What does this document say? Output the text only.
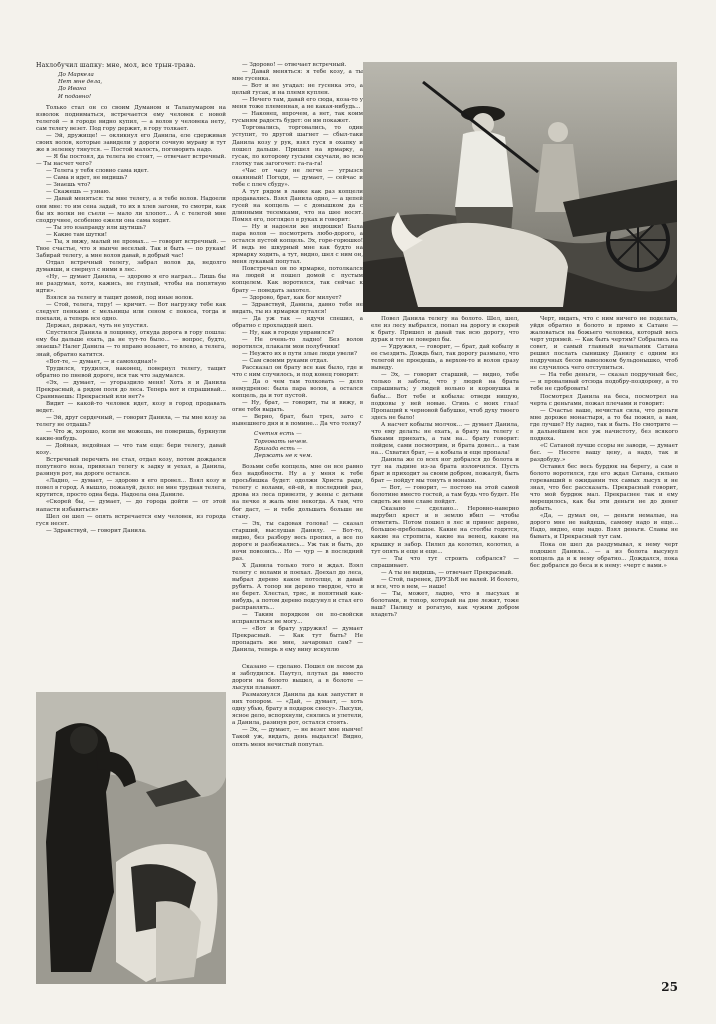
Нахлобучил шапку: мне, мол, все трын-трава.

До Маркела
Нет мне дела,
До Ивана
И подавно!

Только стал он со своим Думаном и Талапумаром на взволок подниматься, встречается ему человек с новой телегой — в городе видно купил, — а волов у человека нету, сам телегу везет. Под гору держит, в гору толкает.

— Эй, дружище! — окликнул его Данила, еле сдерживая своих волов, которые завидели у дороги сочную мураву и тут же в зеленку тянутся. — Постой малость, поговорить надо.

— Я бы постоял, да телега не стоит, — отвечает встречный. — Ты насчет чего?

— Телега у тебя словно сама идет.

— Сама и идет, не видишь?

— Знаешь что?

— Скажешь — узнаю.

— Давай меняться: ты мне телегу, а я тебе волов. Надоели они мне: то им сена задай, то их в хлев загони, то смотри, как бы их волки не съели — мало ли хлопот... А с телегой мне сподручнее, особенно ежели она сама ходит.

— Ты это взаправду или шутишь?

— Какие там шутки!

— Ты, я вижу, малый не промах... — говорит встречный. — Твое счастье, что я нынче веселый. Так и быть — по рукам! Забирай телегу, а мне волов давай, в добрый час!

Отдал встречный телегу, забрал волов да, недолго думавши, и свернул с ними в лес.

«Ну, — думает Данила, — здорово я его награл... Лишь бы не раздумал, хотя, кажись, не глупый, чтобы на попятную идти».

Взялся за телегу и тащит домой, под иные волок.

— Стой, телега, тпру! — кричит. — Вот нагрузку тебе как следует пенками с мельницы или сеном с покоса, тогда и поехали, а теперь все одно.

Держал, держал, чуть не упустил.

Спустился Данила в лощинку, откуда дорога в гору пошла: ему бы дальше ехать, да не тут-то было... — вопрос, будто, знаешь? Налег Данила — то вправо возьмет, то влево, а телега, знай, обратно катится.

«Вот-те, — думает, — и самоходная!»

Трудился, трудился, наконец, повернул телегу, тащит обратно по пневой дороге, вся так что задумался.

«Эх, — думает, — угораздило меня! Хоть я и Данила Прекрасный, а рядом поля до леса. Теперь вот и спрашивай... Сраниваешь: Прекрасный или нет?»

Видит — какой-то человек идет, козу в город продавать ведет.

— Эй, друг сердечный, — говорит Данила, — ты мне козу за телегу не отдашь?

— Что ж, хорошо, коли не можешь, не поверишь, буркнули какие-нибудь.

— Дойная, недойная — что там еще: бери телегу, давай козу.

Встречный перечить не стал, отдал козу, потом дождался попутного воза, привязал телегу к задку и уехал, а Данила, разинув рот, на дороге остался.

«Ладно, — думает, — здорово я его провел... Взял козу и повел в город. А вышло, пожалуй, дело: не мне трудная телега, крутится, просто одна беда. Надоела она Даниле.

«Скорей бы, — думает, — до города дойти — от этой напасти избавиться»

Шел он шел — опять встречается ему человек, из города гуся несет.

— Здравствуй, — говорит Данила.

— Здорово! — отвечает встречный.

— Давай меняться: я тебе козу, а ты мне гусенка.

— Вот и не угадал: не гусенка это, а целый гусак, и на племя куплен.

— Нечего там, давай его сюда, коза-то у меня тоже племенная, а не какая-нибудь...

— Наконец, впрочем, а нет, так коим гусыням радость будет: он им покажет.

Торговались, торговались, то один уступит, то другой шагнет — сбыл-таки Данила козу у рук, взял гуся в охапку и пошел дальше. Пришел на ярмарку, а гусак, по которому гусыни скучали, во всю глотку так загогочет: га-га-га!

«Час от часу не легче — угрызся окаянный! Погоди, — думает, — сейчас и тебе с плеч сбуду».

А тут рядом в лавке как раз копцели продавались. Взял Данила одно, — а цепей гусей на копцель — с донышком да с длинными тесемками, что на шее носят. Помял его, поглядел в руках и говорит:

— Ну и надоели же индюшки! Была пара волов — посмотреть любо-дорого, а остался пустой копцель. Эх, горе-горюшко! И ведь не шкурный мне как будто на ярмарку ходить, а тут, видно, шел с ним он, меня лукавый попутал.

Повстречал он по ярмарке, потолкался на людей и пошел домой с пустым копцелем. Как воротился, так сейчас к брату — поведать захотел.

— Здорово, брат, как бог милует?

— Здравствуй, Данила, давно тебя не видать, ты из ярмарки путался!

— Да уж так — идучи спешил, а обратно с прохладцей шел.

— Ну, как в городе управился?

— Не очень-то ладно! Без волов воротился, плакали мои полубчики!

— Неужто их в пути злые люди увели?

— Сам своими руками отдал.

Рассказал он брату все как было, где и что с ним случилось, и под конец говорит:

— Да о чем там толковать — дело немудреное: была пара волов, а остался копцель, да и тот пустой.

— Ну, брат, — говорит, ты и вижу, в огне тебя выдать.

— Верно, брат, был трех, зато с нынешнего дня и в помине... Да что толку?

Счетня есть —
Торговать нечем.
Бригада есть —
Держать не к чем.

Возьми себе копцель, мне он все равно без надобности. Ну а у меня к тебе просьбишка будет: одолжи Христа ради, телегу с волами, ей-ей, в последний раз, дрова из леса привезти, у жены с детьми на печке я жаль мне некогда. А там, что бог даст, — и тебе дольшать больше не стану.

— Эх, ты садовая голова! — сказал старший, выслушав Данилу. — Вот-то, видно, без разбору весь пропил, а все по дороге и разбежались... Уж так и быть, до ночи повозись... Но — чур — в последний раз.

Х Данила только того и ждал. Взял телегу с волами и поехал. Доехал до леса, выбрал дерево какое потолще, и давай рубить. А топор ни дерево твердое, что и не берет. Хлестал, тряс, и попятный как-нибудь, а потом дерево подсунул и стал его расправлять...

— Таким порядком он по-свойски исправляться не могу...

— «Вот и брату удружил! — думает Прекрасный. — Как тут быть? Не пропадать же мне, зачаровал сам? — Данила, теперь я ему вину искуплю

Повел Данила телегу на болото. Шел, шел, еле из лесу выбрался, попал на дорогу и скорей к брату. Пришел и давай так всю дорогу, что дурак и тот не поверил бы.

— Удружил, — говорит, — брат, дай кобылу я ее съездить. Дождь был, так дорогу размыло, что телегой не проедешь, а верхом-то и волов сразу выведу.

— Эх, — говорит старший, — видно, тебе только и заботы, что у людей на брата спрашивать; у людей вольно и коровушка и бабы... Вот тебе и кобыла: отведи нищую, подковы у ней новые. Сгинь с моих глаз! Пропащий к черновой бабушке, чтоб духу твоего здесь не было!

А насчет кобылы молчок... — думает Данила, что ему делать: не ехать, а брату на телегу с быками приехать, а там на... брату говорит: пойдем, сами посмотрим, и брата довел... а там на... Схватил брат, — а кобыла и еще пропала!

Данила же со всех ног добрался до болота и тут на льдине из-за брата изловчился. Пусть брат и приходит за своим добром, пожалуй, быть брат — пойдут мы тонуть в монахи.

— Вот, — говорит, — постою на этой самой болотине вместо гостей, а там будь что будет. Не сидеть же мне славе пойдет.

Сказано — сделано... Неровно-наверно вырубил крест и в землю вбил — чтобы отметить. Потом пошел в лес и принес дерево, большое-пребольшое. Какие на столбы годятся, какие на стропила, какие на венец, какие на крышку и забор. Пилил да колотил, колотил, а тут опять и еще и еще...

— Ты что тут строить собрался? — спрашивает.

— А ты не видишь, — отвечает Прекрасный.

— Стой, паренек, ДРУЗЬЯ не валей. И болото, и все, что в нем, — наше!

— Ты, может, ладно, что в лысухах и болотами, и топор, который на дне лежит, тоже ваш? Палицу и рогатую, как чужим добром владеть?

Черт, видать, что с ним ничего не поделать, уйдя обратно в болото и прямо к Сатане — жаловаться на божьего человека, который весь черт упрямей. — Как быть чертям? Собрались на совет, и самый главный начальник Сатана решил послать сынишку Данилу с одним из подручных бесов выволоком бульдонышко, чтоб не случилось чего отступиться.

— На тебе деньги, — сказал подручный бес, — и проваливай отсюда подобру-поздорову, а то тебе не сдобровать!

Посмотрел Данила на беса, посмотрел на черта с деньгами, пожал плечами и говорит:

— Счастье ваше, нечистая сила, что деньги мне дороже монастыря, а то бы пожил, а вам, где лучше? Ну ладно, так и быть. Но смотрите — в дальнейшем все уж начистоту, без всякого подвоха.

«С Сатаной лучше ссоры не заводи, — думает бес. — Несете вашу цену, а надо, так и раздобуду.»

Оставил бес весь бурдюк на берегу, а сам в болото воротился, где его ждал Сатана, сильно горевавший в ожидании тех самых лысух и не знал, что бес рассказать. Прекрасный говорит, что мой бурдюк мал. Прекраснее так и ему мерещилось, как бы эти деньги не до денег добыть.

«Да, — думал он, — деньги немалые, на дорого мне не найдешь, самому надо и еще... Надо, видно, еще надо. Взял деньги. Славы не бывать, и Прекрасный тут сам.

Пока он шел да раздумывал, к нему черт подошел Данила... — а из болота высунул копцель да и к нему обратно... Дождался, пока бес добрался до беса и к нему: «черт с вами.»

Сказано — сделано. Пошел он лесом да и заблудился. Паутул, плутал да вместо дороги на болото вышел, а в болоте — лысухи плавают.

Размахнулся Данила да как запустит в них топором. — «Дай, — думает, — хоть одну убью, брату в подарок снесу». Лысухи, ясное дело, вспорхнули, снялись и улетели, а Данила, разинув рот, остался стоять.

— Эх, — думает, — не везет мне нынче! Такой уж, видать, день выдался! Видно, опять меня нечистый попутал.

25
